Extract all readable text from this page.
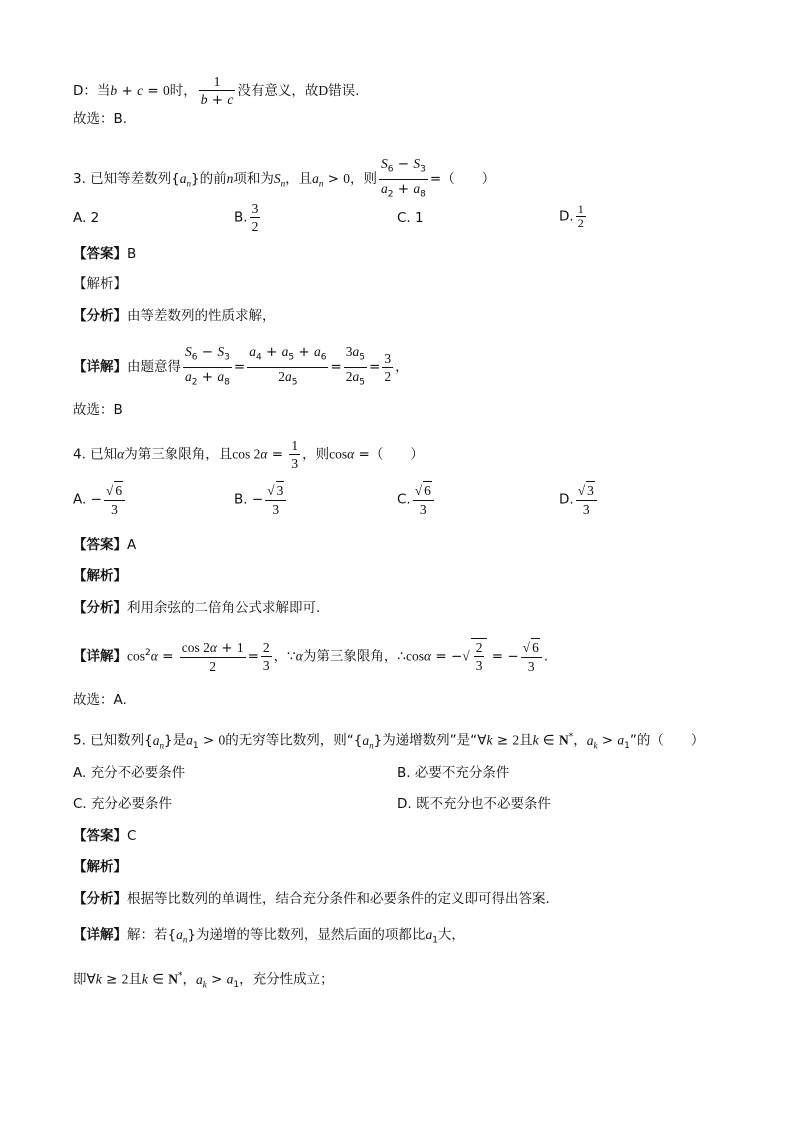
D：当b + c = 0时， $\frac{1}{b + c}$ 没有意义，故D错误.
故选：B.
3. 已知等差数列$\{a_n\}$的前n项和为$S_n$，且$a_n > 0$，则 $\frac{S_6 - S_3}{a_2 + a_8}$ =（　　）
A. 2	B. $\frac{3}{2}$	C. 1	D. $\frac{1}{2}$
【答案】B
【解析】
【分析】由等差数列的性质求解，
【详解】由题意得 $\frac{S_6 - S_3}{a_2 + a_8} = \frac{a_4 + a_5 + a_6}{2a_5} = \frac{3a_5}{2a_5} = \frac{3}{2}$ ，
故选：B
4. 已知α为第三象限角，且$\cos 2\alpha = \frac{1}{3}$ ，则cosα =（　　）
A. − $\frac{√ 6}{3}$	B. − $\frac{√ 3}{3}$	C. $\frac{√ 6}{3}$	D. $\frac{√ 3}{3}$
【答案】A
【解析】
【分析】利用余弦的二倍角公式求解即可.
【详解】$\cos^2\alpha = \frac{\cos 2\alpha + 1}{2} = \frac{2}{3}$ ，∵α为第三象限角，∴cosα = −√ $\frac{2}{3}$ = − $\frac{√ 6}{3}$ .
故选：A.
5. 已知数列$\{a_n\}$是$a_1 > 0$的无穷等比数列，则“$\{a_n\}$为递增数列”是“∀k ≥ 2且k ∈ N*，$a_k > a_1$”的（　　）
A. 充分不必要条件	B. 必要不充分条件
C. 充分必要条件	D. 既不充分也不必要条件
【答案】C
【解析】
【分析】根据等比数列的单调性，结合充分条件和必要条件的定义即可得出答案.
【详解】解：若$\{a_n\}$为递增的等比数列，显然后面的项都比$a_1$大，
即∀k ≥ 2且k ∈ N*，$a_k > a_1$，充分性成立；
